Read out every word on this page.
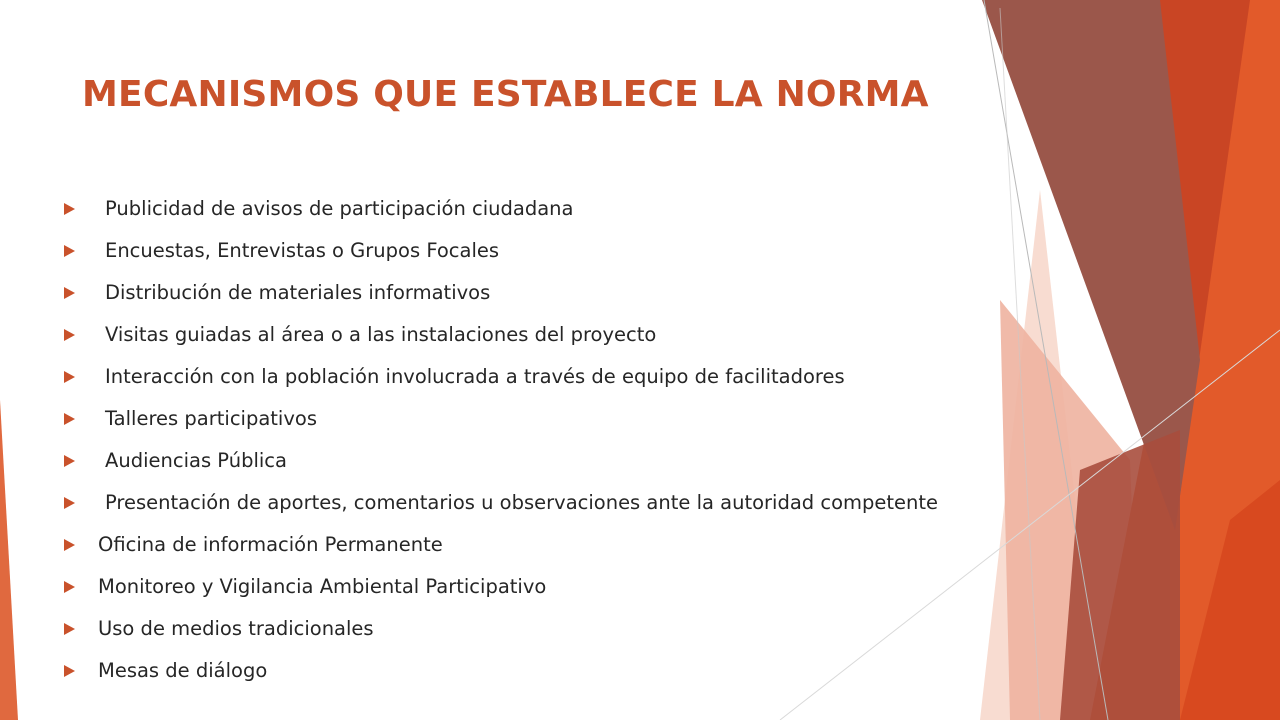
MECANISMOS QUE ESTABLECE LA NORMA
Publicidad de avisos de participación ciudadana
Encuestas, Entrevistas o Grupos Focales
Distribución de materiales informativos
Visitas guiadas al área o a las instalaciones del proyecto
Interacción con la población involucrada a través de equipo de facilitadores
Talleres participativos
Audiencias Pública
Presentación de aportes, comentarios u observaciones ante la autoridad competente
Oficina de información Permanente
Monitoreo y Vigilancia Ambiental Participativo
Uso de medios tradicionales
Mesas de diálogo
